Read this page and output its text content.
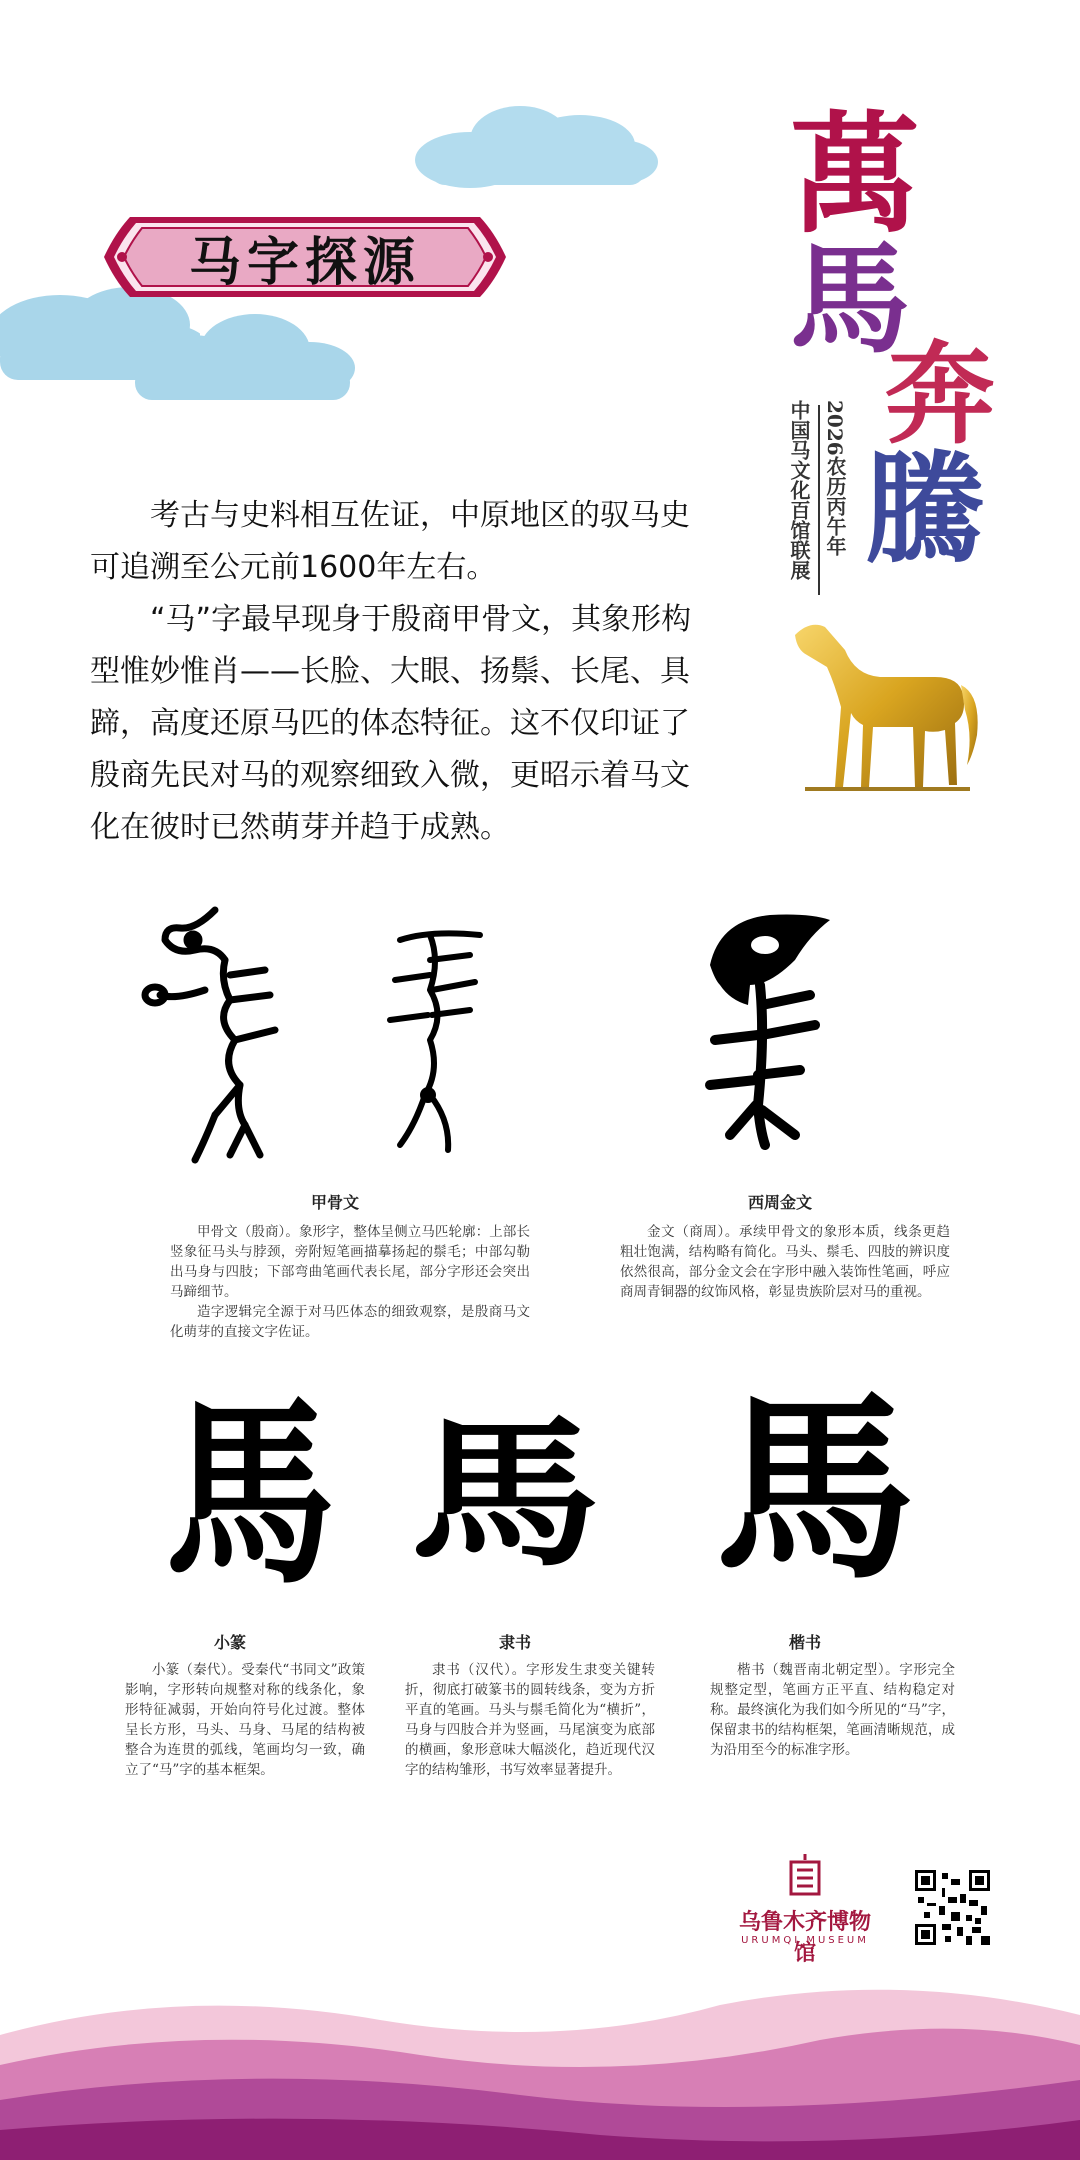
马字探源
萬
馬
奔
騰
2026农历丙午年
中国马文化百馆联展

考古与史料相互佐证，中原地区的驭马史可追溯至公元前1600年左右。

“马”字最早现身于殷商甲骨文，其象形构型惟妙惟肖——长脸、大眼、扬鬃、长尾、具蹄，高度还原马匹的体态特征。这不仅印证了殷商先民对马的观察细致入微，更昭示着马文化在彼时已然萌芽并趋于成熟。

甲骨文	西周金文

甲骨文（殷商）。象形字，整体呈侧立马匹轮廓：上部长竖象征马头与脖颈，旁附短笔画描摹扬起的鬃毛；中部勾勒出马身与四肢；下部弯曲笔画代表长尾，部分字形还会突出马蹄细节。

造字逻辑完全源于对马匹体态的细致观察，是殷商马文化萌芽的直接文字佐证。

金文（商周）。承续甲骨文的象形本质，线条更趋粗壮饱满，结构略有简化。马头、鬃毛、四肢的辨识度依然很高，部分金文会在字形中融入装饰性笔画，呼应商周青铜器的纹饰风格，彰显贵族阶层对马的重视。

馬 馬 馬
小篆	隶书	楷书

小篆（秦代）。受秦代“书同文”政策影响，字形转向规整对称的线条化，象形特征减弱，开始向符号化过渡。整体呈长方形，马头、马身、马尾的结构被整合为连贯的弧线，笔画均匀一致，确立了“马”字的基本框架。

隶书（汉代）。字形发生隶变关键转折，彻底打破篆书的圆转线条，变为方折平直的笔画。马头与鬃毛简化为“横折”，马身与四肢合并为竖画，马尾演变为底部的横画，象形意味大幅淡化，趋近现代汉字的结构雏形，书写效率显著提升。

楷书（魏晋南北朝定型）。字形完全规整定型，笔画方正平直、结构稳定对称。最终演化为我们如今所见的“马”字，保留隶书的结构框架，笔画清晰规范，成为沿用至今的标准字形。

乌鲁木齐博物馆
URUMQI MUSEUM
